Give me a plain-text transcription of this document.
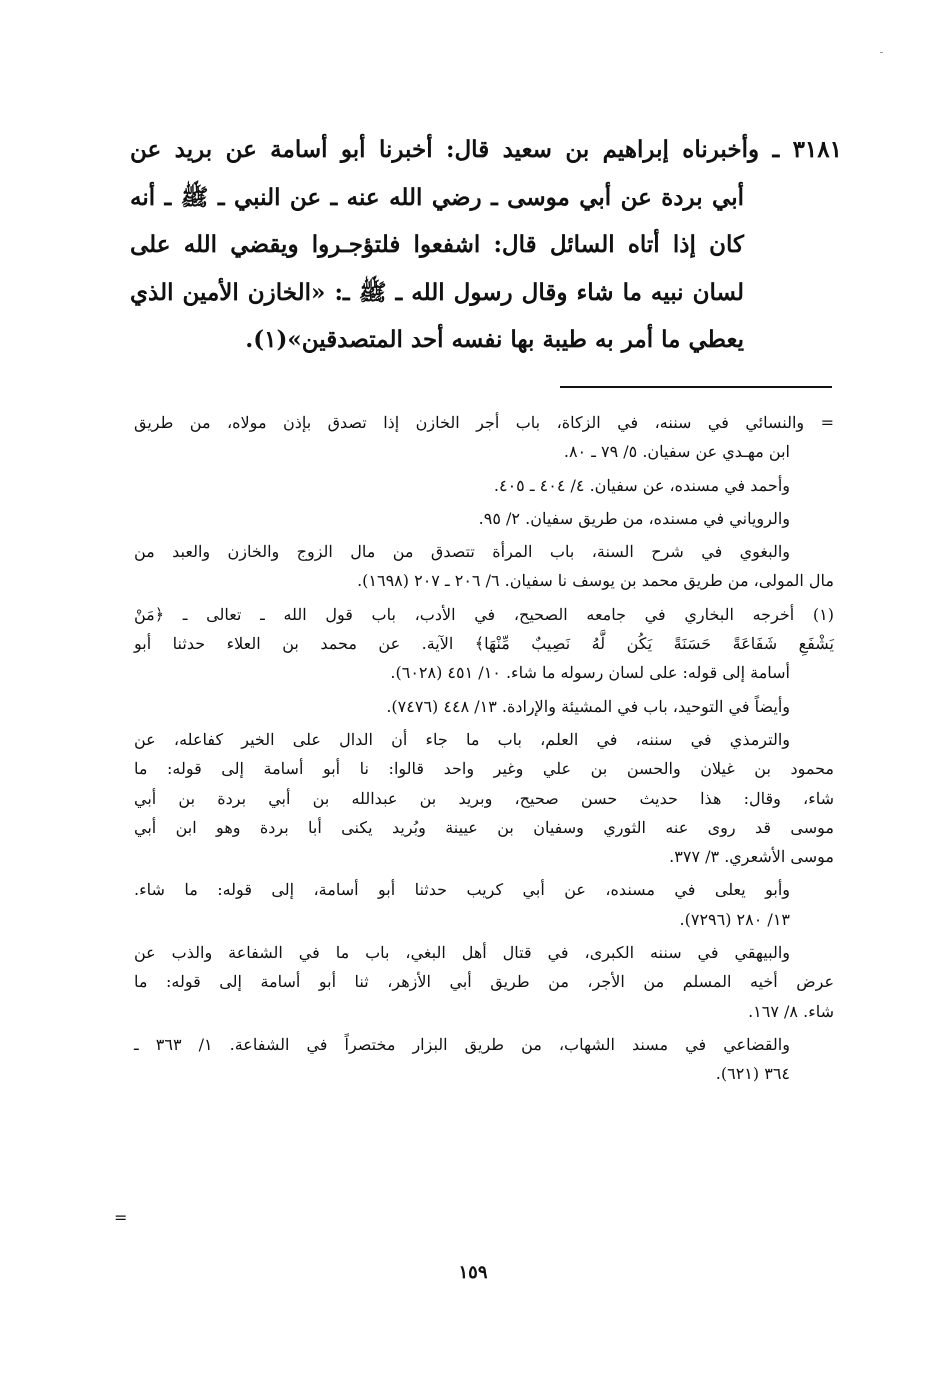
٣١٨١ ـ وأخبرناه إبراهيم بن سعيد قال: أخبرنا أبو أسامة عن بريد عن
أبي بردة عن أبي موسى ـ رضي الله عنه ـ عن النبي ـ ﷺ ـ أنه
كان إذا أتاه السائل قال: اشفعوا فلتؤجـروا ويقضي الله على
لسان نبيه ما شاء وقال رسول الله ـ ﷺ ـ: «الخازن الأمين الذي
يعطي ما أمر به طيبة بها نفسه أحد المتصدقين»(١).
= والنسائي في سننه، في الزكاة، باب أجر الخازن إذا تصدق بإذن مولاه، من طريق
ابن مهـدي عن سفيان. ٥/ ٧٩ ـ ٨٠.
وأحمد في مسنده، عن سفيان. ٤/ ٤٠٤ ـ ٤٠٥.
والروياني في مسنده، من طريق سفيان. ٢/ ٩٥.
والبغوي في شرح السنة، باب المرأة تتصدق من مال الزوج والخازن والعبد من
مال المولى، من طريق محمد بن يوسف نا سفيان. ٦/ ٢٠٦ ـ ٢٠٧ (١٦٩٨).
(١) أخرجه البخاري في جامعه الصحيح، في الأدب، باب قول الله ـ تعالى ـ ﴿مَنْ
يَشْفَعِ شَفَاعَةً حَسَنَةً يَكُن لَّهُ نَصِيبٌ مِّنْهَا﴾ الآية. عن محمد بن العلاء حدثنا أبو
أسامة إلى قوله: على لسان رسوله ما شاء. ١٠/ ٤٥١ (٦٠٢٨).
وأيضاً في التوحيد، باب في المشيئة والإرادة. ١٣/ ٤٤٨ (٧٤٧٦).
والترمذي في سننه، في العلم، باب ما جاء أن الدال على الخير كفاعله، عن
محمود بن غيلان والحسن بن علي وغير واحد قالوا: نا أبو أسامة إلى قوله: ما
شاء، وقال: هذا حديث حسن صحيح، وبريد بن عبدالله بن أبي بردة بن أبي
موسى قد روى عنه الثوري وسفيان بن عيينة وبُريد يكنى أبا بردة وهو ابن أبي
موسى الأشعري. ٣/ ٣٧٧.
وأبو يعلى في مسنده، عن أبي كريب حدثنا أبو أسامة، إلى قوله: ما شاء.
١٣/ ٢٨٠ (٧٢٩٦).
والبيهقي في سننه الكبرى، في قتال أهل البغي، باب ما في الشفاعة والذب عن
عرض أخيه المسلم من الأجر، من طريق أبي الأزهر، ثنا أبو أسامة إلى قوله: ما
شاء. ٨/ ١٦٧.
والقضاعي في مسند الشهاب، من طريق البزار مختصراً في الشفاعة. ١/ ٣٦٣ ـ
٣٦٤ (٦٢١).
=
١٥٩
